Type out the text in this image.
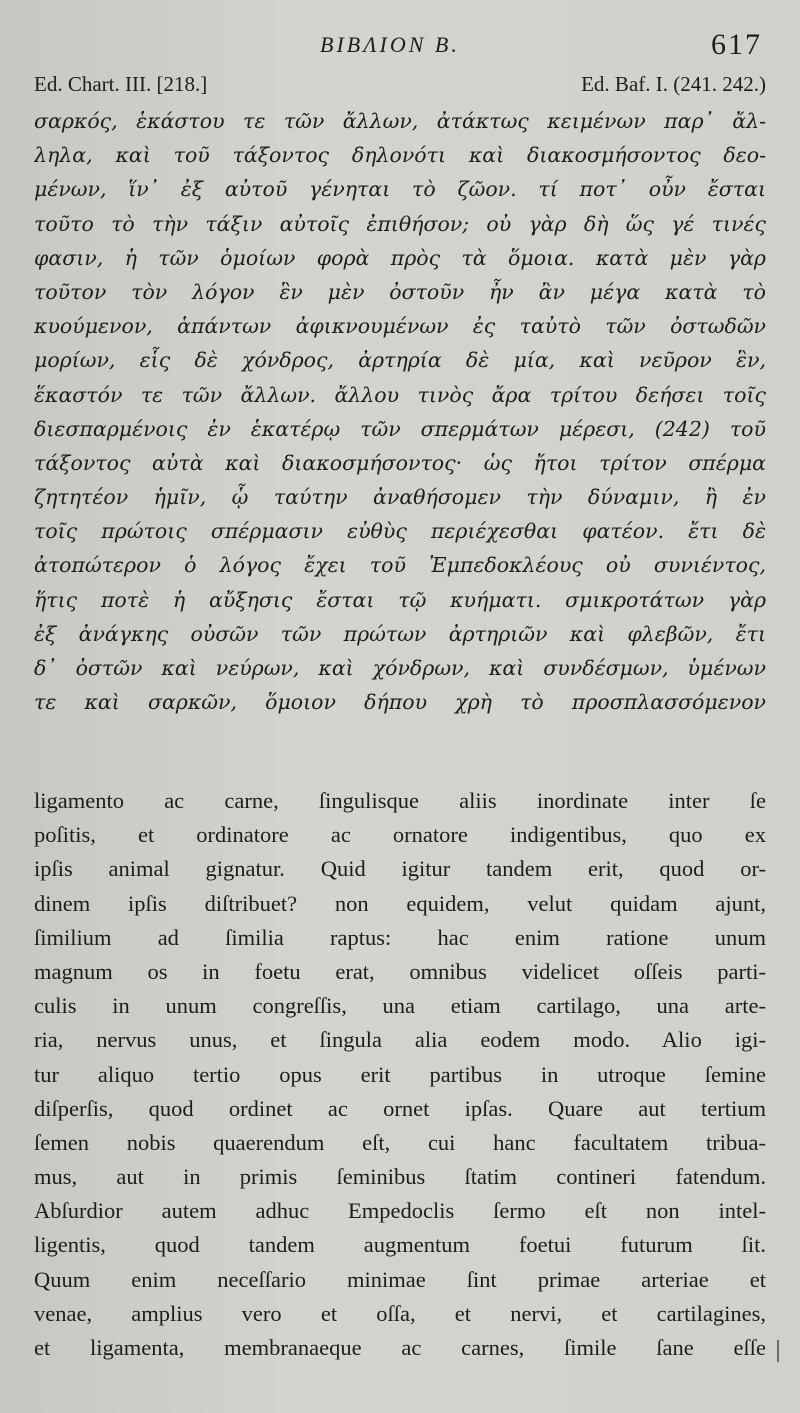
BIBΛION B.	617
Ed. Chart. III. [218.]	Ed. Baf. I. (241. 242.)
σαρκός, ἑκάστου τε τῶν ἄλλων, ἀτάκτως κειμένων παρ᾽ ἄλ-
ληλα, καὶ τοῦ τάξοντος δηλονότι καὶ διακοσμήσοντος δεο-
μένων, ἵν᾽ ἐξ αὐτοῦ γένηται τὸ ζῶον. τί ποτ᾽ οὖν ἔσται
τοῦτο τὸ τὴν τάξιν αὐτοῖς ἐπιθήσον; οὐ γὰρ δὴ ὥς γέ τινές
φασιν, ἡ τῶν ὁμοίων φορὰ πρὸς τὰ ὅμοια. κατὰ μὲν γὰρ
τοῦτον τὸν λόγον ἓν μὲν ὀστοῦν ἦν ἂν μέγα κατὰ τὸ
κυούμενον, ἁπάντων ἀφικνουμένων ἐς ταὐτὸ τῶν ὀστωδῶν
μορίων, εἷς δὲ χόνδρος, ἀρτηρία δὲ μία, καὶ νεῦρον ἓν,
ἕκαστόν τε τῶν ἄλλων. ἄλλου τινὸς ἄρα τρίτου δεήσει τοῖς
διεσπαρμένοις ἐν ἑκατέρῳ τῶν σπερμάτων μέρεσι, (242) τοῦ
τάξοντος αὐτὰ καὶ διακοσμήσοντος· ὡς ἤτοι τρίτον σπέρμα
ζητητέον ἡμῖν, ᾧ ταύτην ἀναθήσομεν τὴν δύναμιν, ἢ ἐν
τοῖς πρώτοις σπέρμασιν εὐθὺς περιέχεσθαι φατέον. ἔτι δὲ
ἀτοπώτερον ὁ λόγος ἔχει τοῦ Ἐμπεδοκλέους οὐ συνιέντος,
ἥτις ποτὲ ἡ αὔξησις ἔσται τῷ κυήματι. σμικροτάτων γὰρ
ἐξ ἀνάγκης οὐσῶν τῶν πρώτων ἀρτηριῶν καὶ φλεβῶν, ἔτι
δ᾽ ὀστῶν καὶ νεύρων, καὶ χόνδρων, καὶ συνδέσμων, ὑμένων
τε καὶ σαρκῶν, ὅμοιον δήπου χρὴ τὸ προσπλασσόμενον
ligamento ac carne, ſingulisque aliis inordinate inter ſe
poſitis, et ordinatore ac ornatore indigentibus, quo ex
ipſis animal gignatur. Quid igitur tandem erit, quod or-
dinem ipſis diſtribuet? non equidem, velut quidam ajunt,
ſimilium ad ſimilia raptus: hac enim ratione unum
magnum os in foetu erat, omnibus videlicet oſſeis parti-
culis in unum congreſſis, una etiam cartilago, una arte-
ria, nervus unus, et ſingula alia eodem modo. Alio igi-
tur aliquo tertio opus erit partibus in utroque ſemine
diſperſis, quod ordinet ac ornet ipſas. Quare aut tertium
ſemen nobis quaerendum eſt, cui hanc facultatem tribua-
mus, aut in primis ſeminibus ſtatim contineri fatendum.
Abſurdior autem adhuc Empedoclis ſermo eſt non intel-
ligentis, quod tandem augmentum foetui futurum ſit.
Quum enim neceſſario minimae ſint primae arteriae et
venae, amplius vero et oſſa, et nervi, et cartilagines,
et ligamenta, membranaeque ac carnes, ſimile ſane eſſe
